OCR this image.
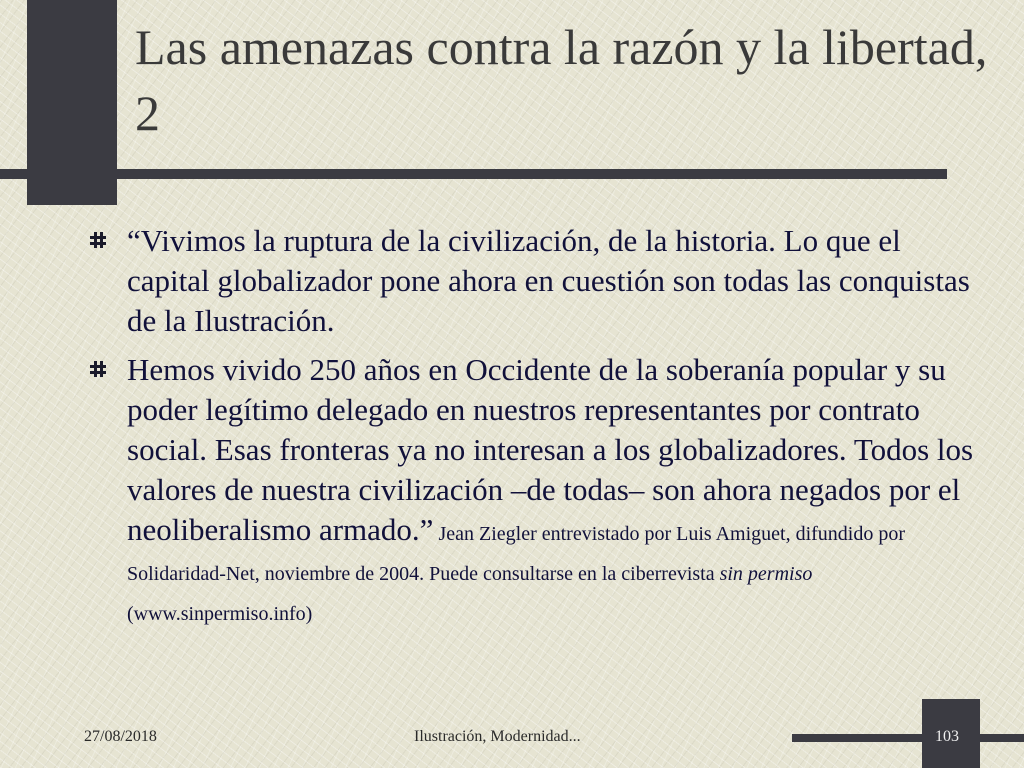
Las amenazas contra la razón y la libertad, 2
“Vivimos la ruptura de la civilización, de la historia. Lo que el capital globalizador pone ahora en cuestión son todas las conquistas de la Ilustración.
Hemos vivido 250 años en Occidente de la soberanía popular y su poder legítimo delegado en nuestros representantes por contrato social. Esas fronteras ya no interesan a los globalizadores. Todos los valores de nuestra civilización –de todas– son ahora negados por el neoliberalismo armado.” Jean Ziegler entrevistado por Luis Amiguet, difundido por Solidaridad-Net, noviembre de 2004. Puede consultarse en la ciberrevista sin permiso (www.sinpermiso.info)
27/08/2018	Ilustración, Modernidad...	103
